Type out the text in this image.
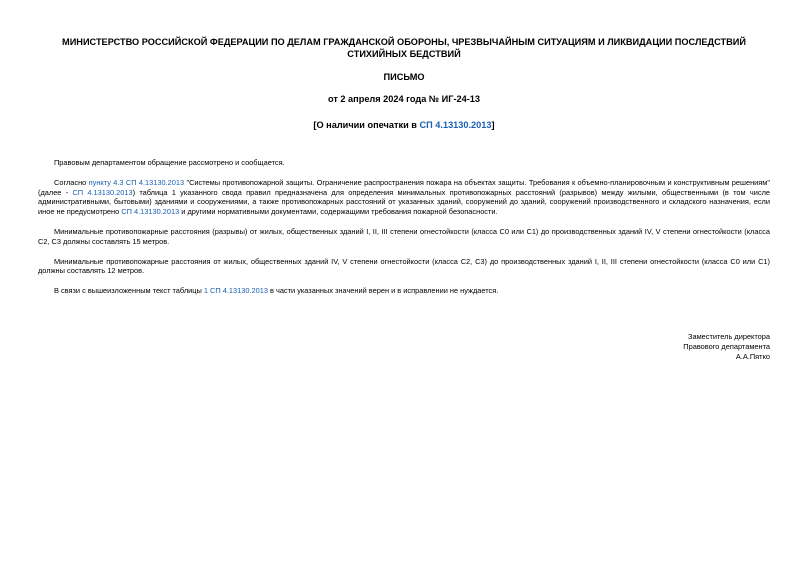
МИНИСТЕРСТВО РОССИЙСКОЙ ФЕДЕРАЦИИ ПО ДЕЛАМ ГРАЖДАНСКОЙ ОБОРОНЫ, ЧРЕЗВЫЧАЙНЫМ СИТУАЦИЯМ И ЛИКВИДАЦИИ ПОСЛЕДСТВИЙ СТИХИЙНЫХ БЕДСТВИЙ
ПИСЬМО
от 2 апреля 2024 года № ИГ-24-13
[О наличии опечатки в СП 4.13130.2013]

Правовым департаментом обращение рассмотрено и сообщается.

Согласно пункту 4.3 СП 4.13130.2013 "Системы противопожарной защиты. Ограничение распространения пожара на объектах защиты. Требования к объемно-планировочным и конструктивным решениям" (далее - СП 4.13130.2013) таблица 1 указанного свода правил предназначена для определения минимальных противопожарных расстояний (разрывов) между жилыми, общественными (в том числе административными, бытовыми) зданиями и сооружениями, а также противопожарных расстояний от указанных зданий, сооружений до зданий, сооружений производственного и складского назначения, если иное не предусмотрено СП 4.13130.2013 и другими нормативными документами, содержащими требования пожарной безопасности.

Минимальные противопожарные расстояния (разрывы) от жилых, общественных зданий I, II, III степени огнестойкости (класса С0 или С1) до производственных зданий IV, V степени огнестойкости (класса С2, С3 должны составлять 15 метров.

Минимальные противопожарные расстояния от жилых, общественных зданий IV, V степени огнестойкости (класса С2, С3) до производственных зданий I, II, III степени огнестойкости (класса С0 или С1) должны составлять 12 метров.

В связи с вышеизложенным текст таблицы 1 СП 4.13130.2013 в части указанных значений верен и в исправлении не нуждается.

Заместитель директора
Правового департамента
А.А.Пятко
